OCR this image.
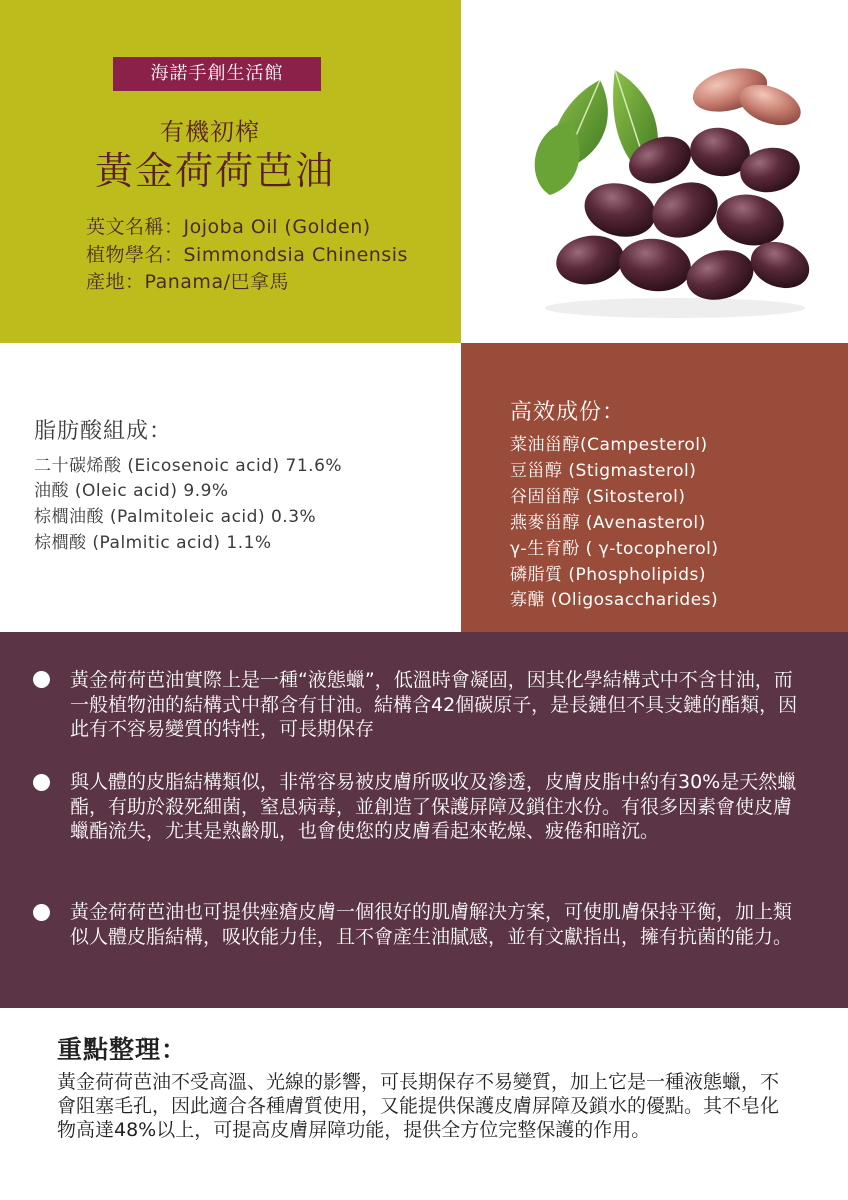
海諾手創生活館
有機初榨
黃金荷荷芭油
英文名稱：Jojoba Oil (Golden)
植物學名：Simmondsia Chinensis
產地：Panama/巴拿馬
脂肪酸組成：
二十碳烯酸 (Eicosenoic acid) 71.6%
油酸 (Oleic acid) 9.9%
棕櫚油酸 (Palmitoleic acid) 0.3%
棕櫚酸 (Palmitic acid) 1.1%
高效成份：
菜油甾醇(Campesterol)
豆甾醇 (Stigmasterol)
谷固甾醇 (Sitosterol)
燕麥甾醇 (Avenasterol)
γ-生育酚 ( γ-tocopherol)
磷脂質 (Phospholipids)
寡醣 (Oligosaccharides)
黃金荷荷芭油實際上是一種“液態蠟”，低溫時會凝固，因其化學結構式中不含甘油，而一般植物油的結構式中都含有甘油。結構含42個碳原子，是長鏈但不具支鏈的酯類，因此有不容易變質的特性，可長期保存
與人體的皮脂結構類似，非常容易被皮膚所吸收及滲透，皮膚皮脂中約有30%是天然蠟酯，有助於殺死細菌，窒息病毒，並創造了保護屏障及鎖住水份。有很多因素會使皮膚蠟酯流失，尤其是熟齡肌，也會使您的皮膚看起來乾燥、疲倦和暗沉。
黃金荷荷芭油也可提供痤瘡皮膚一個很好的肌膚解決方案，可使肌膚保持平衡，加上類似人體皮脂結構，吸收能力佳，且不會產生油膩感，並有文獻指出，擁有抗菌的能力。
重點整理：
黃金荷荷芭油不受高溫、光線的影響，可長期保存不易變質，加上它是一種液態蠟，不會阻塞毛孔，因此適合各種膚質使用，又能提供保護皮膚屏障及鎖水的優點。其不皂化物高達48%以上，可提高皮膚屏障功能，提供全方位完整保護的作用。
